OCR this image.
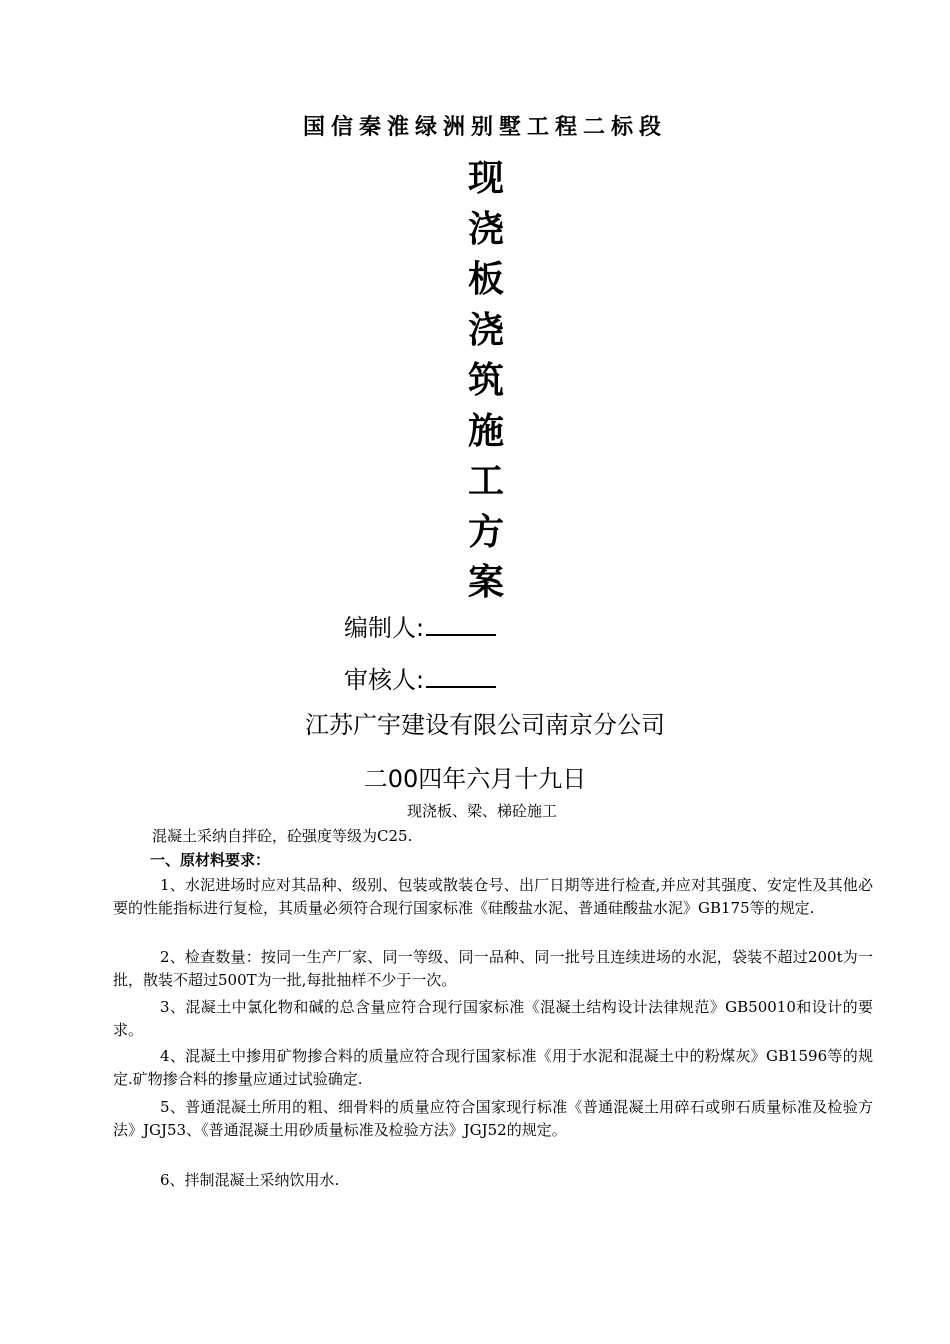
国信秦淮绿洲别墅工程二标段
现
浇
板
浇
筑
施
工
方
案
编制人:
审核人:
江苏广宇建设有限公司南京分公司
二00四年六月十九日
现浇板、梁、梯砼施工
混凝土采纳自拌砼，砼强度等级为C25.
一、原材料要求：
1、水泥进场时应对其品种、级别、包装或散装仓号、出厂日期等进行检查,并应对其强度、安定性及其他必要的性能指标进行复检，其质量必须符合现行国家标准《硅酸盐水泥、普通硅酸盐水泥》GB175等的规定.
2、检查数量：按同一生产厂家、同一等级、同一品种、同一批号且连续进场的水泥，袋装不超过200t为一批，散装不超过500T为一批,每批抽样不少于一次。
3、混凝土中氯化物和碱的总含量应符合现行国家标准《混凝土结构设计法律规范》GB50010和设计的要求。
4、混凝土中掺用矿物掺合料的质量应符合现行国家标准《用于水泥和混凝土中的粉煤灰》GB1596等的规定.矿物掺合料的掺量应通过试验确定.
5、普通混凝土所用的粗、细骨料的质量应符合国家现行标准《普通混凝土用碎石或卵石质量标准及检验方法》JGJ53、《普通混凝土用砂质量标准及检验方法》JGJ52的规定。
6、拌制混凝土采纳饮用水.
